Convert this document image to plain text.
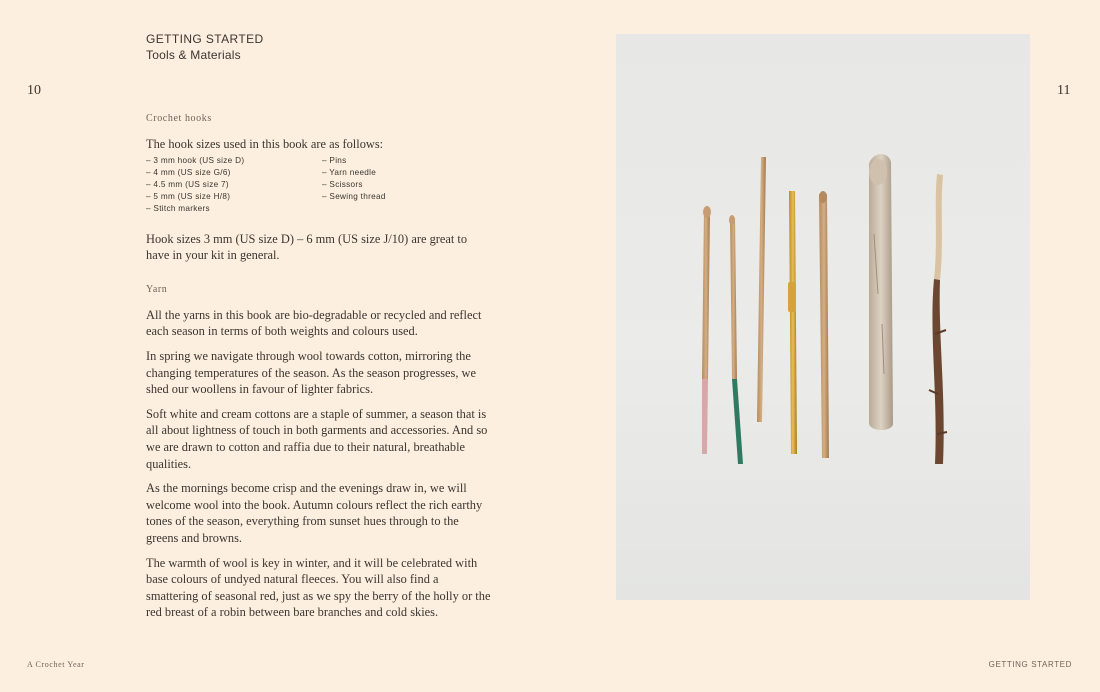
GETTING STARTED
Tools & Materials
10	11

Crochet hooks

The hook sizes used in this book are as follows:

– 3 mm hook (US size D)
– 4 mm (US size G/6)
– 4.5 mm (US size 7)
– 5 mm (US size H/8)
– Stitch markers
– Pins
– Yarn needle
– Scissors
– Sewing thread

Hook sizes 3 mm (US size D) – 6 mm (US size J/10) are great to have in your kit in general.

Yarn

All the yarns in this book are bio-degradable or recycled and reflect each season in terms of both weights and colours used.

In spring we navigate through wool towards cotton, mirroring the changing temperatures of the season. As the season progresses, we shed our woollens in favour of lighter fabrics.

Soft white and cream cottons are a staple of summer, a season that is all about lightness of touch in both garments and accessories. And so we are drawn to cotton and raffia due to their natural, breathable qualities.

As the mornings become crisp and the evenings draw in, we will welcome wool into the book. Autumn colours reflect the rich earthy tones of the season, everything from sunset hues through to the greens and browns.

The warmth of wool is key in winter, and it will be celebrated with base colours of undyed natural fleeces. You will also find a smattering of seasonal red, just as we spy the berry of the holly or the red breast of a robin between bare branches and cold skies.

A Crochet Year	GETTING STARTED
